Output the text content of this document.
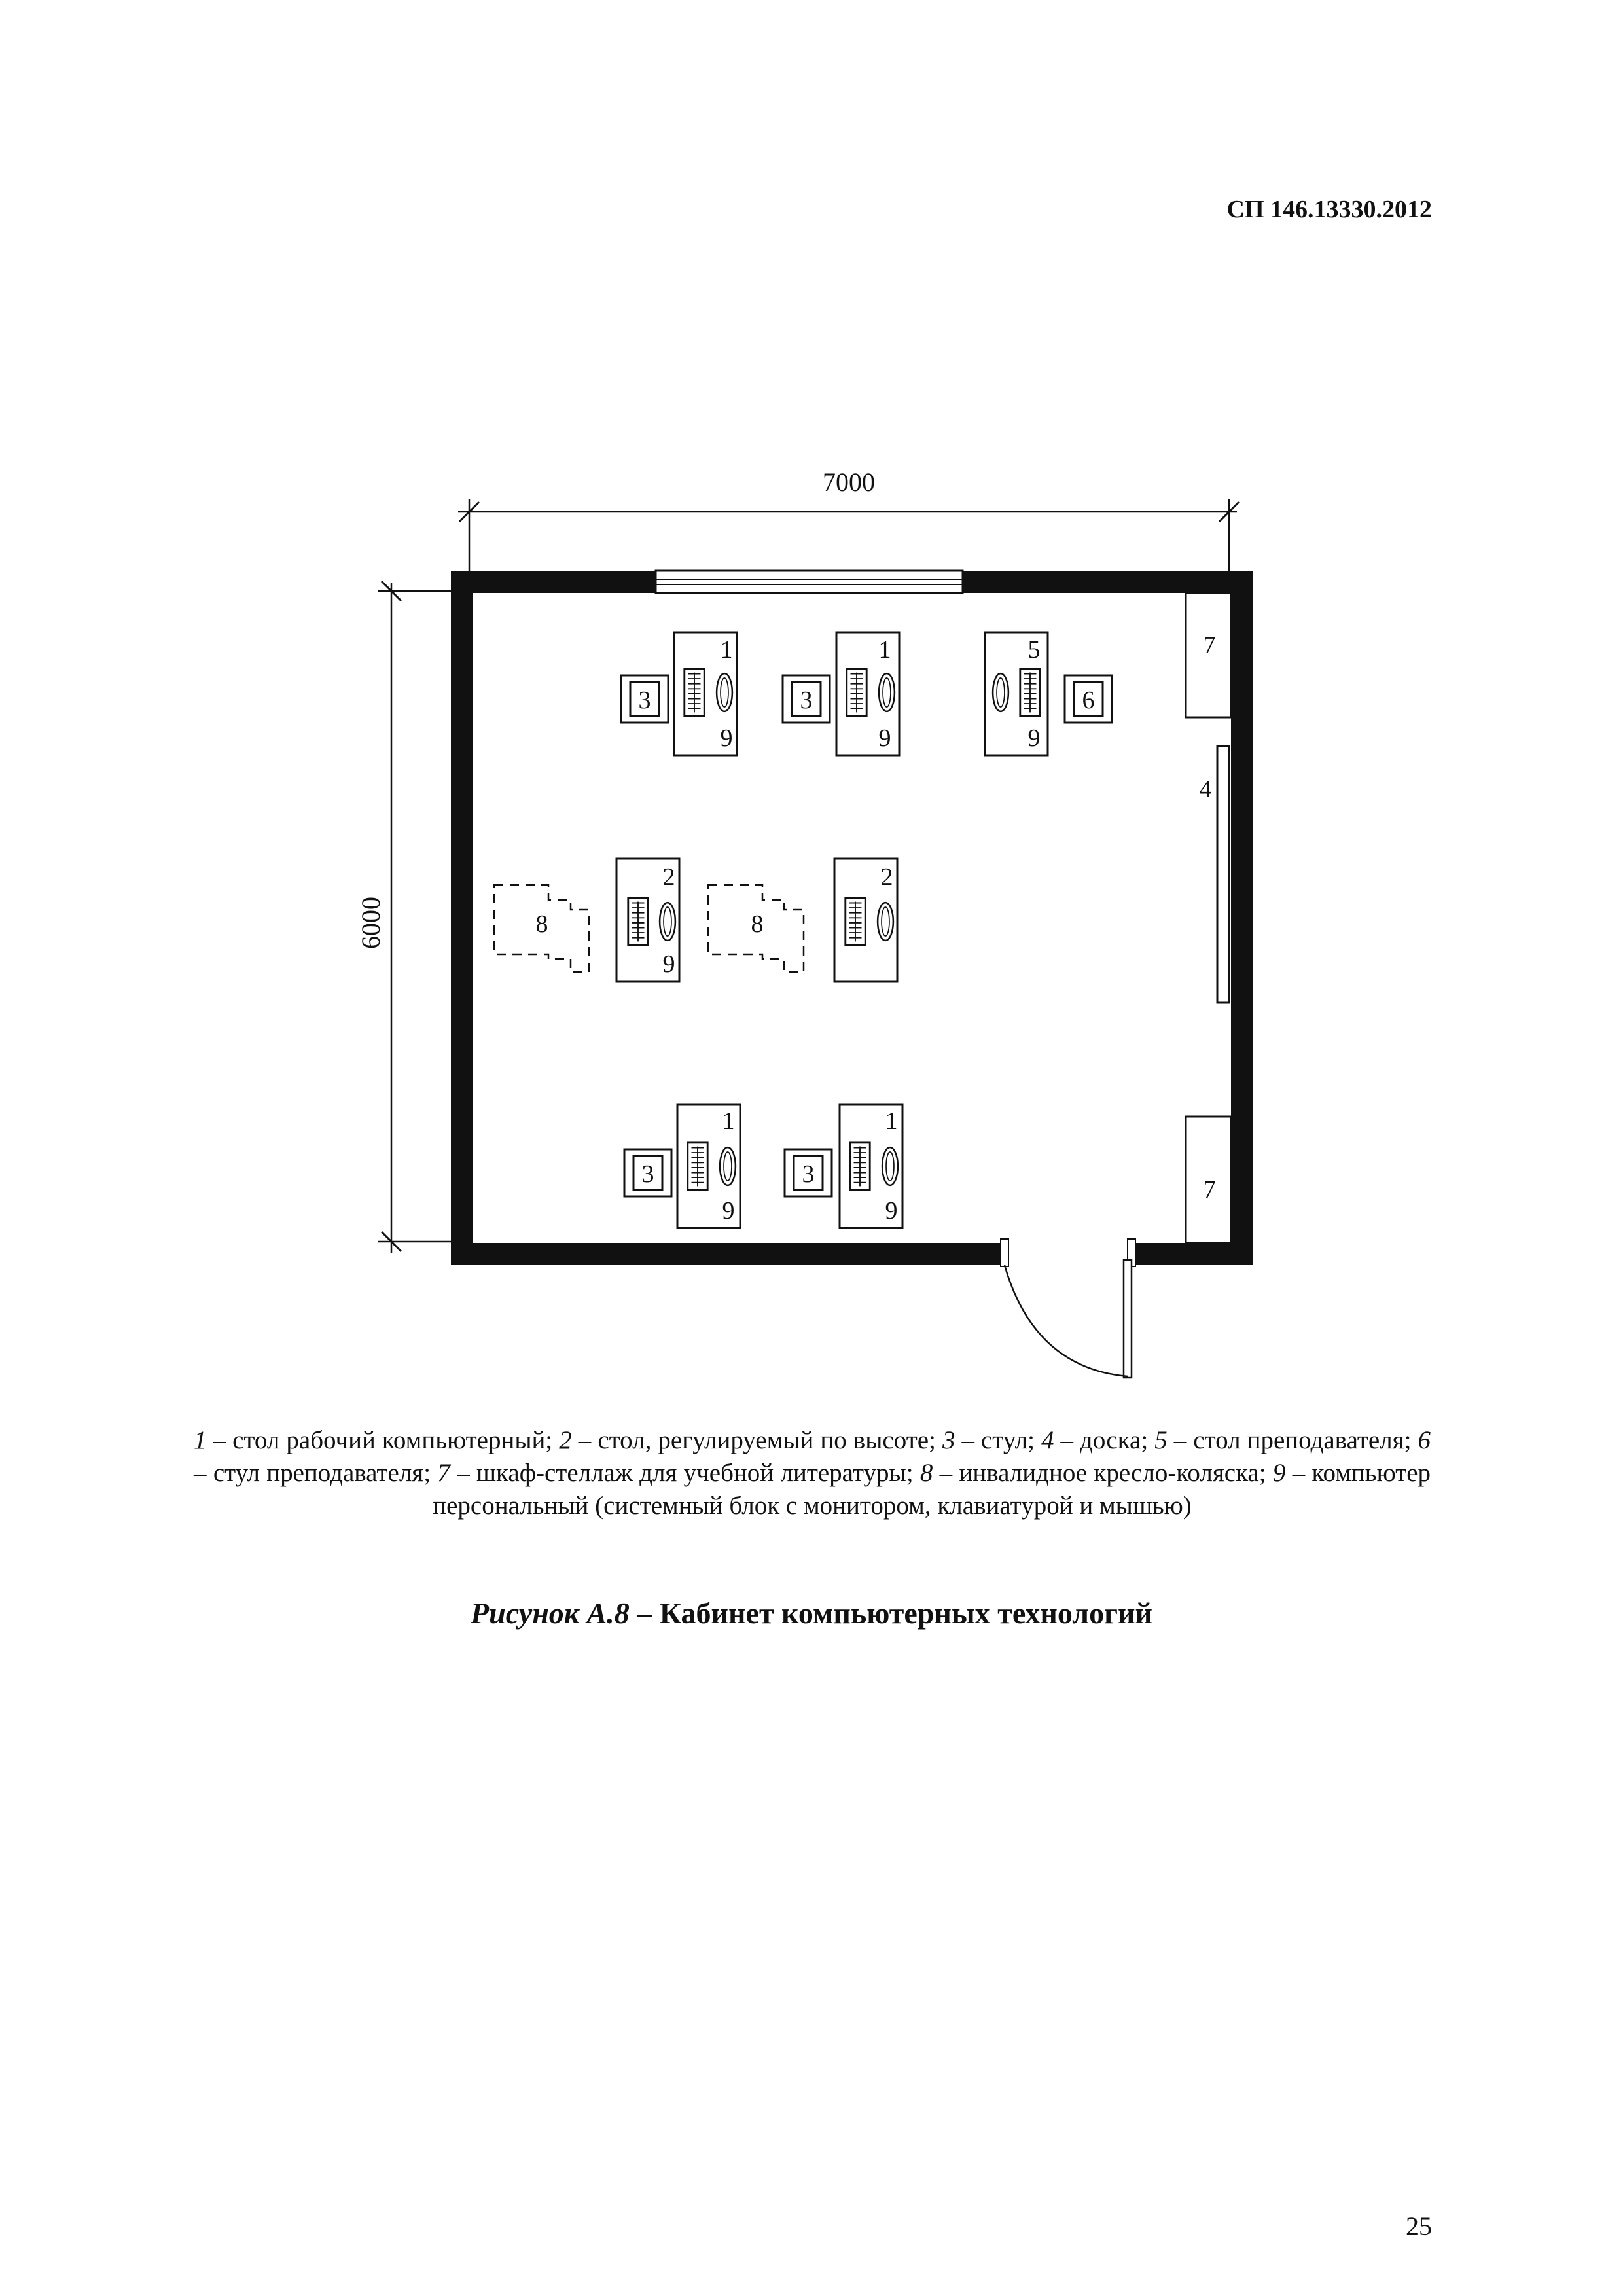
СП 146.13330.2012
7000
6000
4
7
7
3
1
9
3
1
9
6
5
9
8
2
9
8
2
3
1
9
3
1
9
1 – стол рабочий компьютерный; 2 – стол, регулируемый по высоте; 3 – стул; 4 – доска; 5 – стол преподавателя; 6 – стул преподавателя; 7 – шкаф-стеллаж для учебной литературы; 8 – инвалидное кресло-коляска; 9 – компьютер персональный (системный блок с монитором, клавиатурой и мышью)
Рисунок А.8 – Кабинет компьютерных технологий
25
